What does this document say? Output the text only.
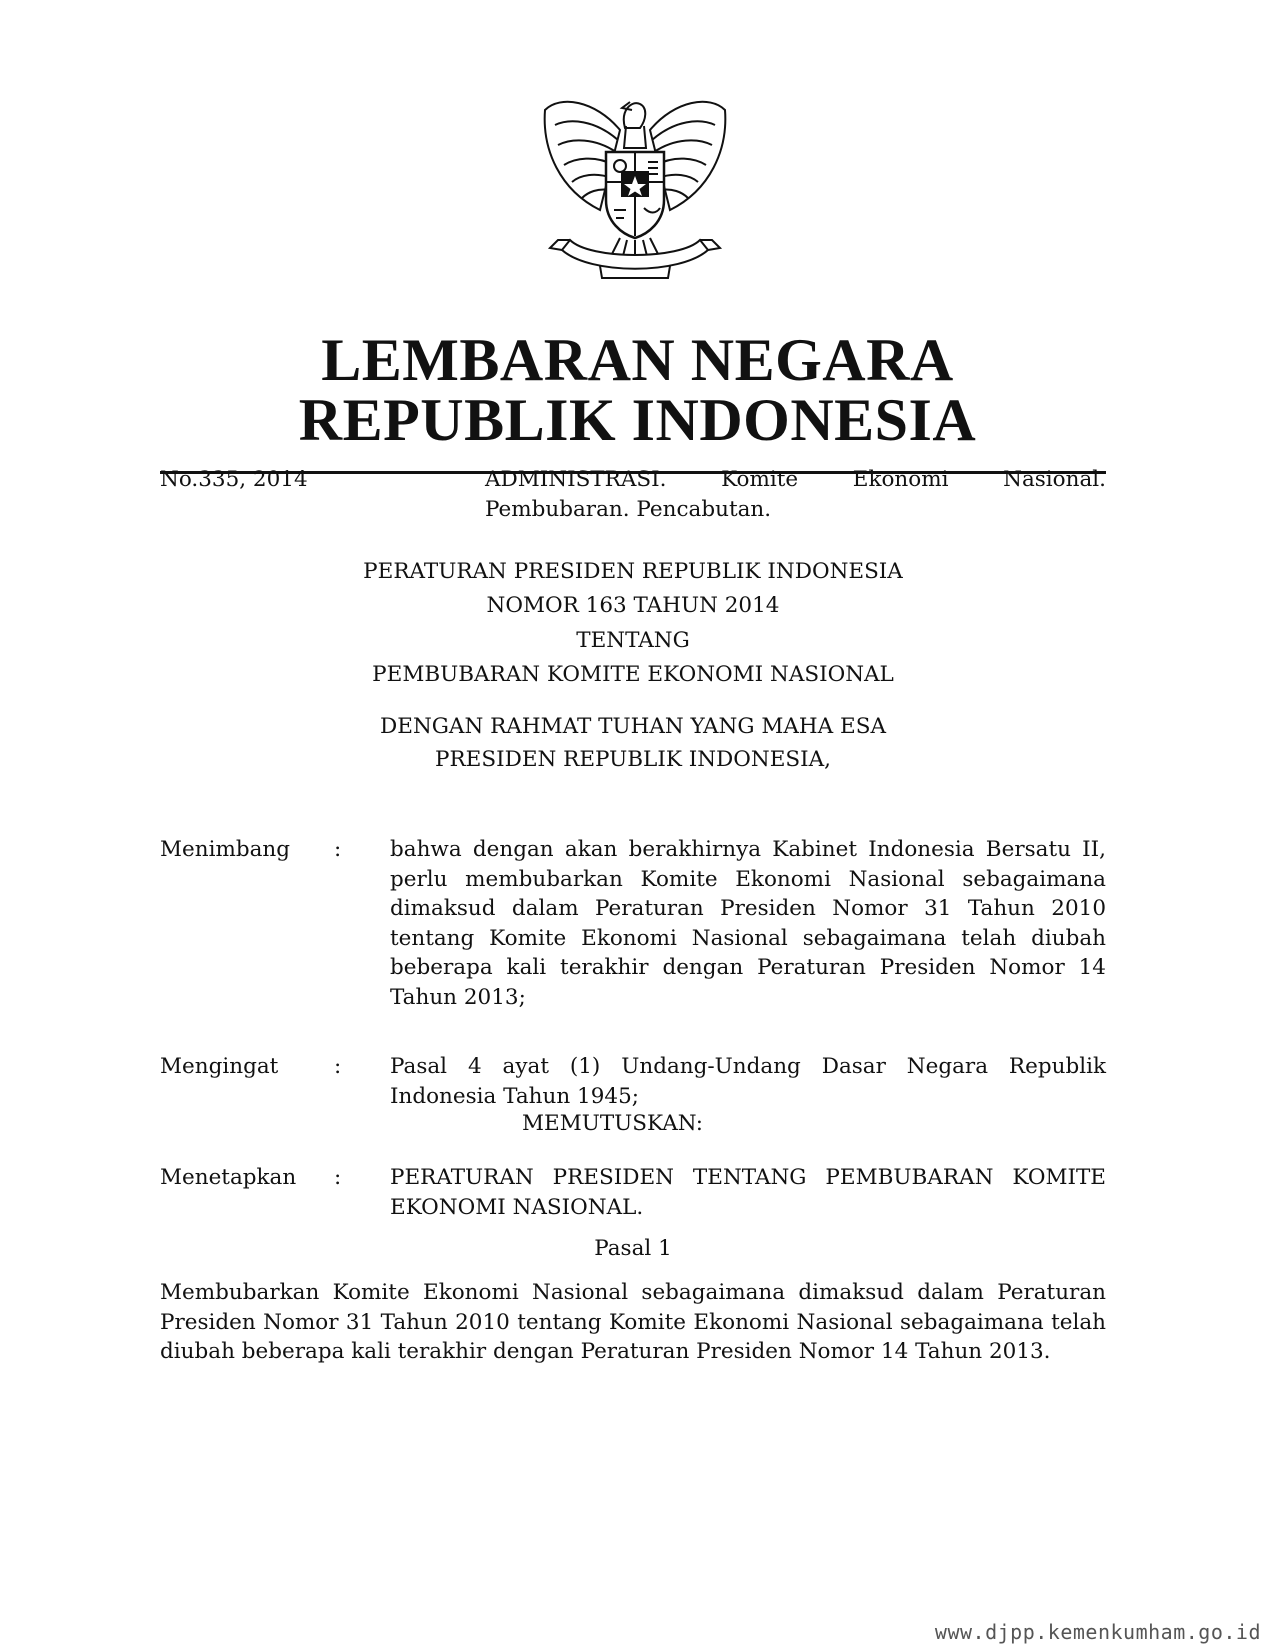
LEMBARAN NEGARA
REPUBLIK INDONESIA
No.335, 2014	ADMINISTRASI. Komite Ekonomi Nasional.
Pembubaran. Pencabutan.
PERATURAN PRESIDEN REPUBLIK INDONESIA
NOMOR 163 TAHUN 2014
TENTANG
PEMBUBARAN KOMITE EKONOMI NASIONAL
DENGAN RAHMAT TUHAN YANG MAHA ESA
PRESIDEN REPUBLIK INDONESIA,
Menimbang : bahwa dengan akan berakhirnya Kabinet Indonesia Bersatu II, perlu membubarkan Komite Ekonomi Nasional sebagaimana dimaksud dalam Peraturan Presiden Nomor 31 Tahun 2010 tentang Komite Ekonomi Nasional sebagaimana telah diubah beberapa kali terakhir dengan Peraturan Presiden Nomor 14 Tahun 2013;
Mengingat	: Pasal 4 ayat (1) Undang-Undang Dasar Negara Republik Indonesia Tahun 1945;
MEMUTUSKAN:
Menetapkan : PERATURAN PRESIDEN TENTANG PEMBUBARAN KOMITE EKONOMI NASIONAL.
Pasal 1
Membubarkan Komite Ekonomi Nasional sebagaimana dimaksud dalam Peraturan Presiden Nomor 31 Tahun 2010 tentang Komite Ekonomi Nasional sebagaimana telah diubah beberapa kali terakhir dengan Peraturan Presiden Nomor 14 Tahun 2013.
www.djpp.kemenkumham.go.id
